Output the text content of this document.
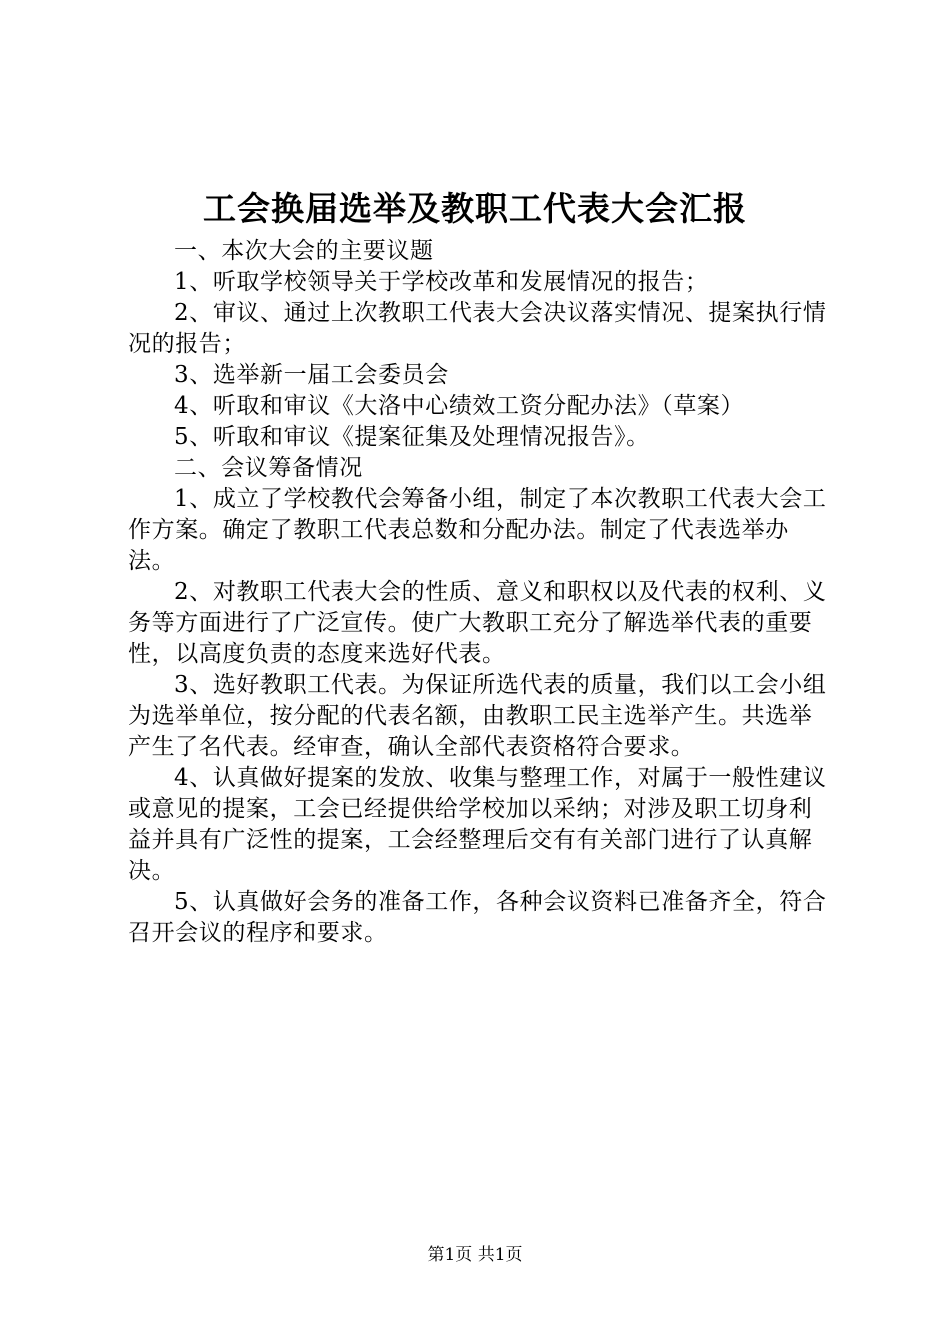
工会换届选举及教职工代表大会汇报

一、本次大会的主要议题

1、听取学校领导关于学校改革和发展情况的报告；

2、审议、通过上次教职工代表大会决议落实情况、提案执行情况的报告；

3、选举新一届工会委员会

4、听取和审议《大洛中心绩效工资分配办法》（草案）

5、听取和审议《提案征集及处理情况报告》。

二、会议筹备情况

1、成立了学校教代会筹备小组，制定了本次教职工代表大会工作方案。确定了教职工代表总数和分配办法。制定了代表选举办法。

2、对教职工代表大会的性质、意义和职权以及代表的权利、义务等方面进行了广泛宣传。使广大教职工充分了解选举代表的重要性，以高度负责的态度来选好代表。

3、选好教职工代表。为保证所选代表的质量，我们以工会小组为选举单位，按分配的代表名额，由教职工民主选举产生。共选举产生了名代表。经审查，确认全部代表资格符合要求。

4、认真做好提案的发放、收集与整理工作，对属于一般性建议或意见的提案，工会已经提供给学校加以采纳；对涉及职工切身利益并具有广泛性的提案，工会经整理后交有有关部门进行了认真解决。

5、认真做好会务的准备工作，各种会议资料已准备齐全，符合召开会议的程序和要求。

第1页 共1页
